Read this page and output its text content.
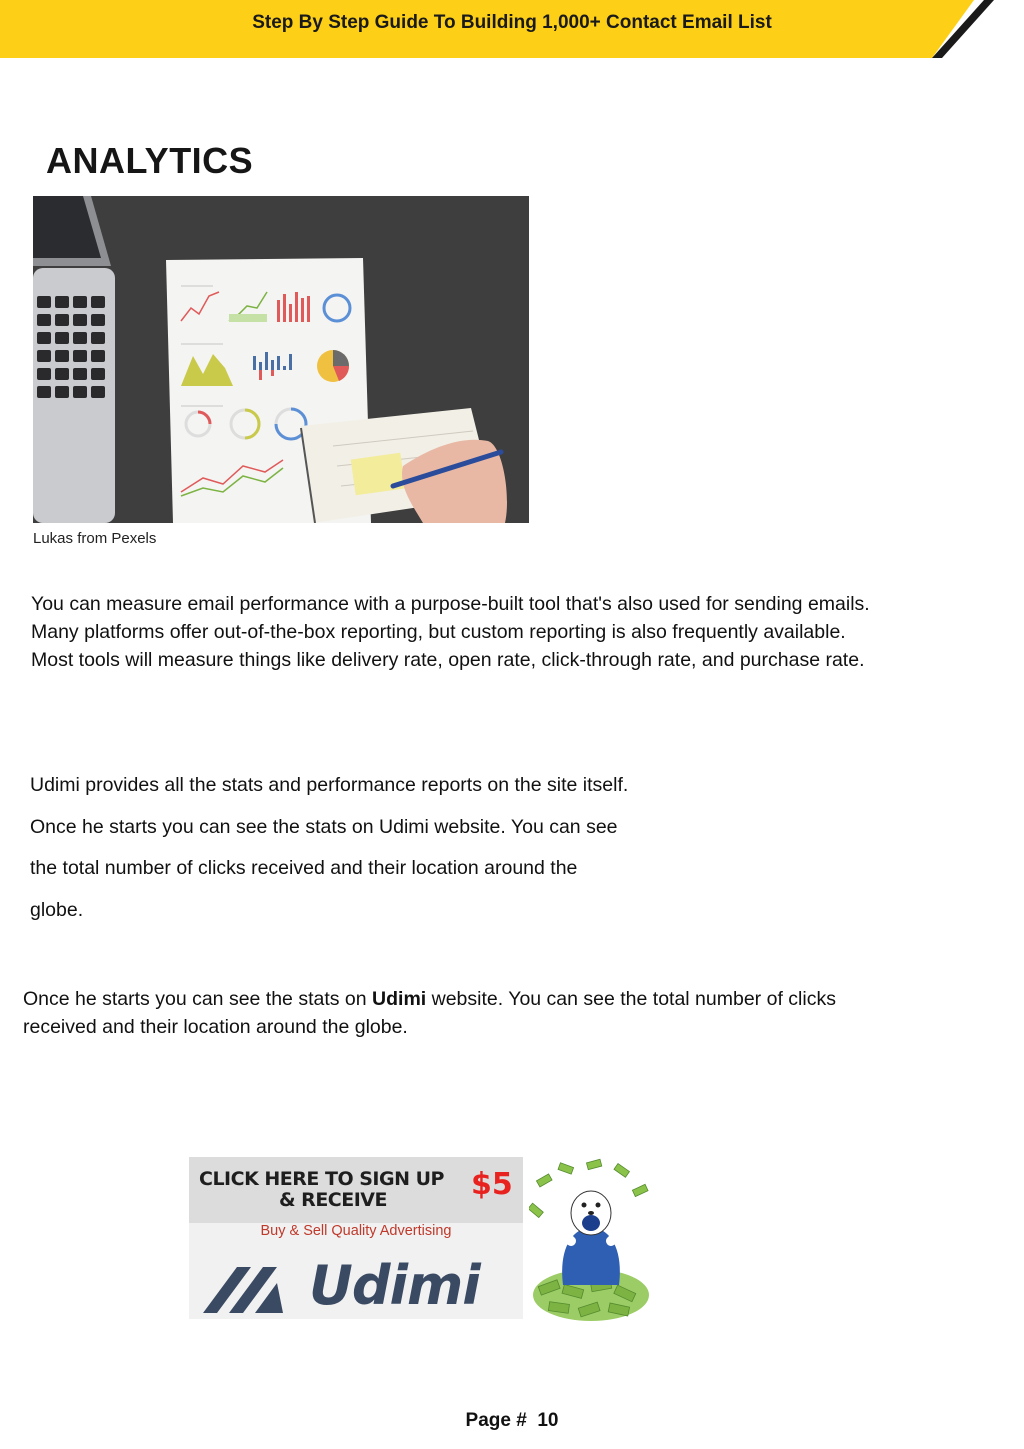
Step By Step Guide To Building 1,000+ Contact Email List
ANALYTICS
Lukas from Pexels
You can measure email performance with a purpose-built tool that's also used for sending emails. Many platforms offer out-of-the-box reporting, but custom reporting is also frequently available. Most tools will measure things like delivery rate, open rate, click-through rate, and purchase rate.
Udimi provides all the stats and performance reports on the site itself.
Once he starts you can see the stats on Udimi website. You can see
the total number of clicks received and their location around the
globe.
Once he starts you can see the stats on Udimi website. You can see the total number of clicks received and their location around the globe.
CLICK HERE TO SIGN UP
& RECEIVE	$5
Buy & Sell Quality Advertising
Udimi
Page # 10
